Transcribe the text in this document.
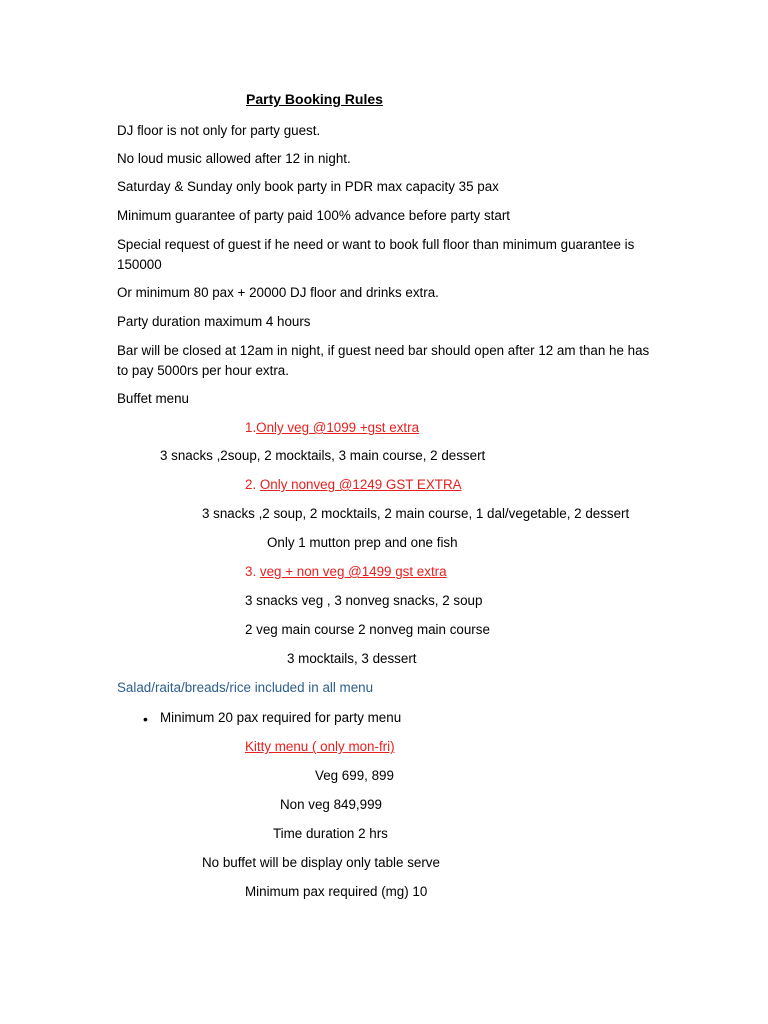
Party Booking Rules
DJ floor is not only for party guest.
No loud music allowed after 12 in night.
Saturday & Sunday only book party in PDR max capacity 35 pax
Minimum guarantee of party paid 100% advance before party start
Special request of guest if he need or want to book full floor than minimum guarantee is
150000
Or minimum 80 pax + 20000 DJ floor and drinks extra.
Party duration maximum 4 hours
Bar will be closed at 12am in night, if guest need bar should open after 12 am than he has
to pay 5000rs per hour extra.
Buffet menu
1.Only veg @1099 +gst extra
3 snacks ,2soup, 2 mocktails, 3 main course, 2 dessert
2. Only nonveg @1249 GST EXTRA
3 snacks ,2 soup, 2 mocktails, 2 main course, 1 dal/vegetable, 2 dessert
Only 1 mutton prep and one fish
3. veg + non veg @1499 gst extra
3 snacks veg , 3 nonveg snacks, 2 soup
2 veg main course 2 nonveg main course
3 mocktails, 3 dessert
Salad/raita/breads/rice included in all menu
• Minimum 20 pax required for party menu
Kitty menu ( only mon-fri)
Veg 699, 899
Non veg 849,999
Time duration 2 hrs
No buffet will be display only table serve
Minimum pax required (mg) 10
